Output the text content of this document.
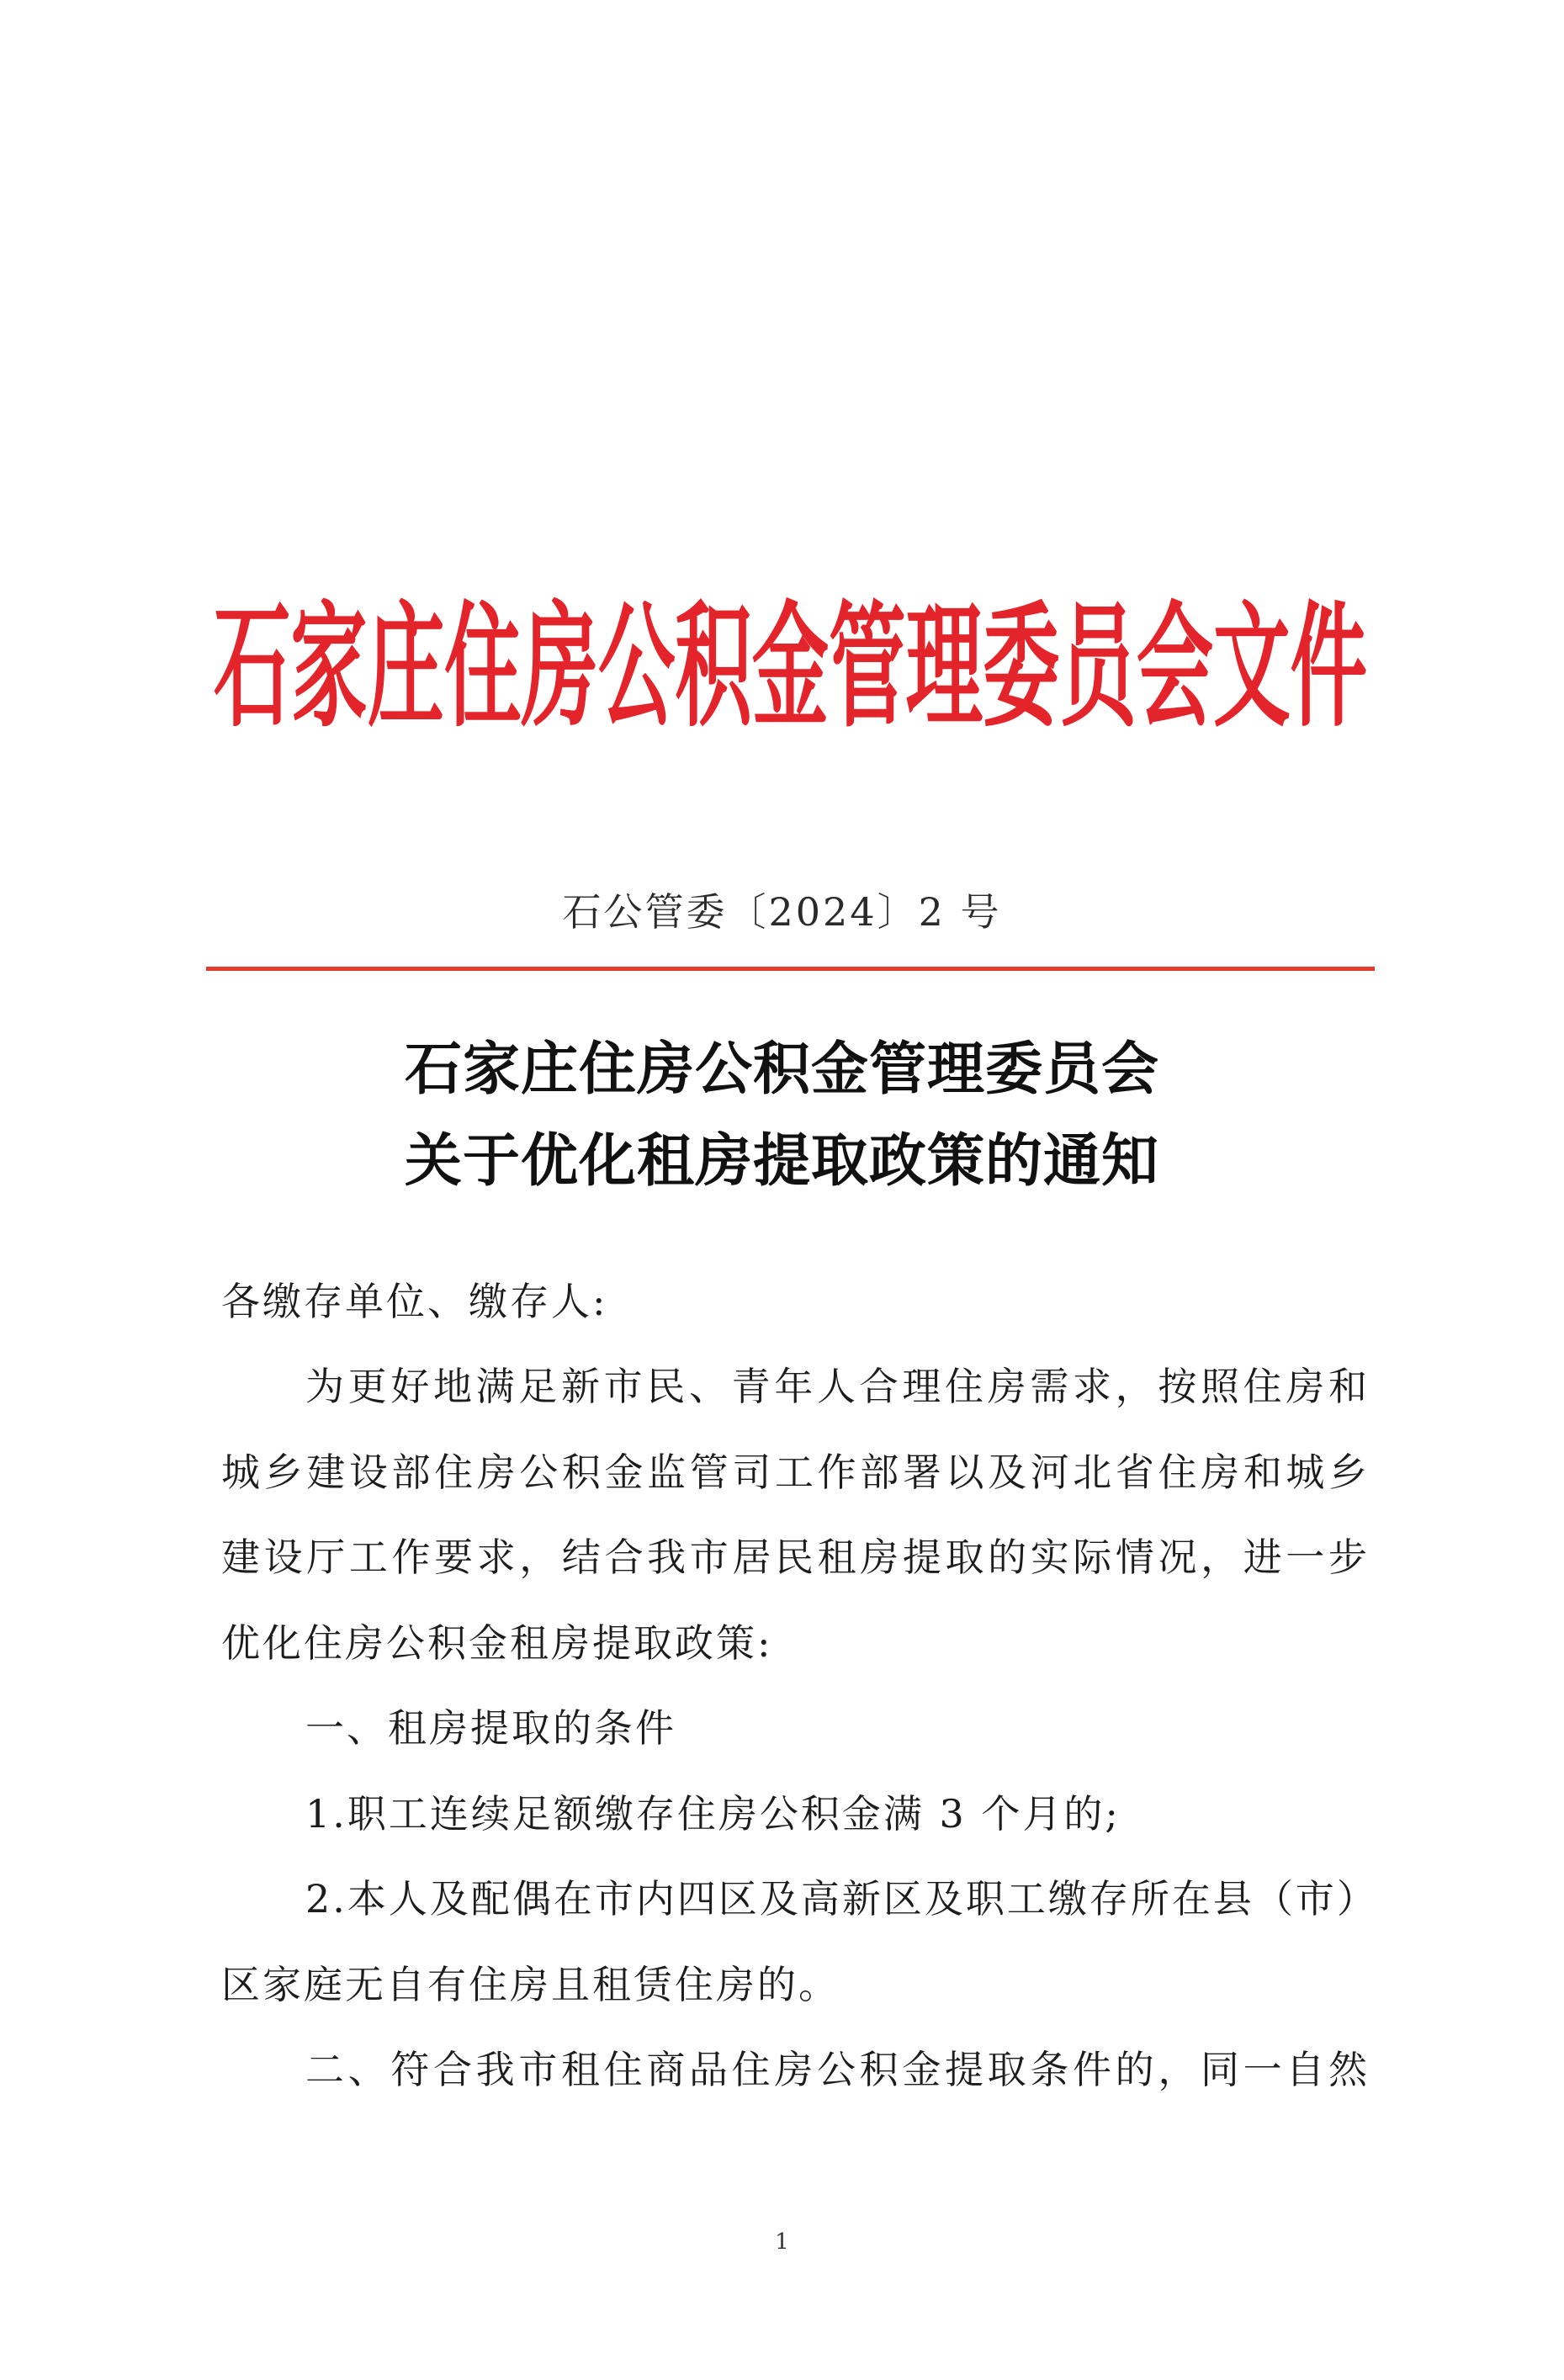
石家庄住房公积金管理委员会文件
石公管委〔2024〕2 号
石家庄住房公积金管理委员会
关于优化租房提取政策的通知
各缴存单位、缴存人:
为更好地满足新市民、青年人合理住房需求，按照住房和
城乡建设部住房公积金监管司工作部署以及河北省住房和城乡
建设厅工作要求，结合我市居民租房提取的实际情况，进一步
优化住房公积金租房提取政策:
一、租房提取的条件
1.职工连续足额缴存住房公积金满 3 个月的;
2.本人及配偶在市内四区及高新区及职工缴存所在县（市）
区家庭无自有住房且租赁住房的。
二、符合我市租住商品住房公积金提取条件的，同一自然
1
